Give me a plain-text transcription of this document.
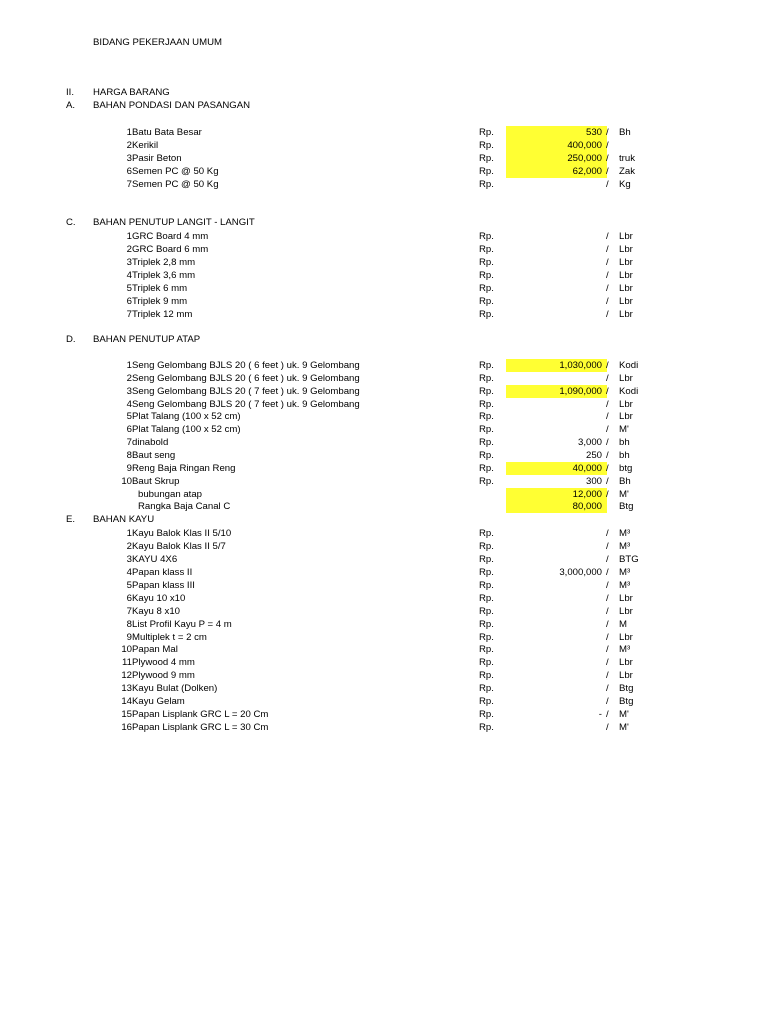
BIDANG PEKERJAAN UMUM
II. HARGA BARANG
A. BAHAN PONDASI DAN PASANGAN
1 Batu Bata Besar	Rp.	530 / Bh
2 Kerikil	Rp.	400,000 /
3 Pasir Beton	Rp.	250,000 / truk
6 Semen PC @ 50 Kg	Rp.	62,000 / Zak
7 Semen PC @ 50 Kg	Rp.	/ Kg
C. BAHAN PENUTUP LANGIT - LANGIT
1 GRC Board 4 mm	Rp.	/ Lbr
2 GRC Board 6 mm	Rp.	/ Lbr
3 Triplek 2,8 mm	Rp.	/ Lbr
4 Triplek 3,6 mm	Rp.	/ Lbr
5 Triplek 6 mm	Rp.	/ Lbr
6 Triplek 9 mm	Rp.	/ Lbr
7 Triplek 12 mm	Rp.	/ Lbr
D. BAHAN PENUTUP ATAP
1 Seng Gelombang BJLS 20 ( 6 feet ) uk. 9 Gelombang	Rp.	1,030,000 / Kodi
2 Seng Gelombang BJLS 20 ( 6 feet ) uk. 9 Gelombang	Rp.	/ Lbr
3 Seng Gelombang BJLS 20 ( 7 feet ) uk. 9 Gelombang	Rp.	1,090,000 / Kodi
4 Seng Gelombang BJLS 20 ( 7 feet ) uk. 9 Gelombang	Rp.	/ Lbr
5 Plat Talang (100 x 52 cm)	Rp.	/ Lbr
6 Plat Talang (100 x 52 cm)	Rp.	/ M'
7 dinabold	Rp.	3,000 / bh
8 Baut seng	Rp.	250 / bh
9 Reng Baja Ringan Reng	Rp.	40,000 / btg
10 Baut Skrup	Rp.	300 / Bh
bubungan atap	12,000 / M'
Rangka Baja Canal C	80,000 Btg
E. BAHAN KAYU
1 Kayu Balok Klas II 5/10	Rp.	/ M³
2 Kayu Balok Klas II 5/7	Rp.	/ M³
3 KAYU 4X6	Rp.	/ BTG
4 Papan klass II	Rp.	3,000,000 / M³
5 Papan klass III	Rp.	/ M³
6 Kayu 10 x10	Rp.	/ Lbr
7 Kayu 8 x10	Rp.	/ Lbr
8 List Profil Kayu P = 4 m	Rp.	/ M
9 Multiplek t = 2 cm	Rp.	/ Lbr
10 Papan Mal	Rp.	/ M³
11 Plywood 4 mm	Rp.	/ Lbr
12 Plywood 9 mm	Rp.	/ Lbr
13 Kayu Bulat (Dolken)	Rp.	/ Btg
14 Kayu Gelam	Rp.	/ Btg
15 Papan Lisplank GRC L = 20 Cm	Rp.	- / M'
16 Papan Lisplank GRC L = 30 Cm	Rp.	/ M'
